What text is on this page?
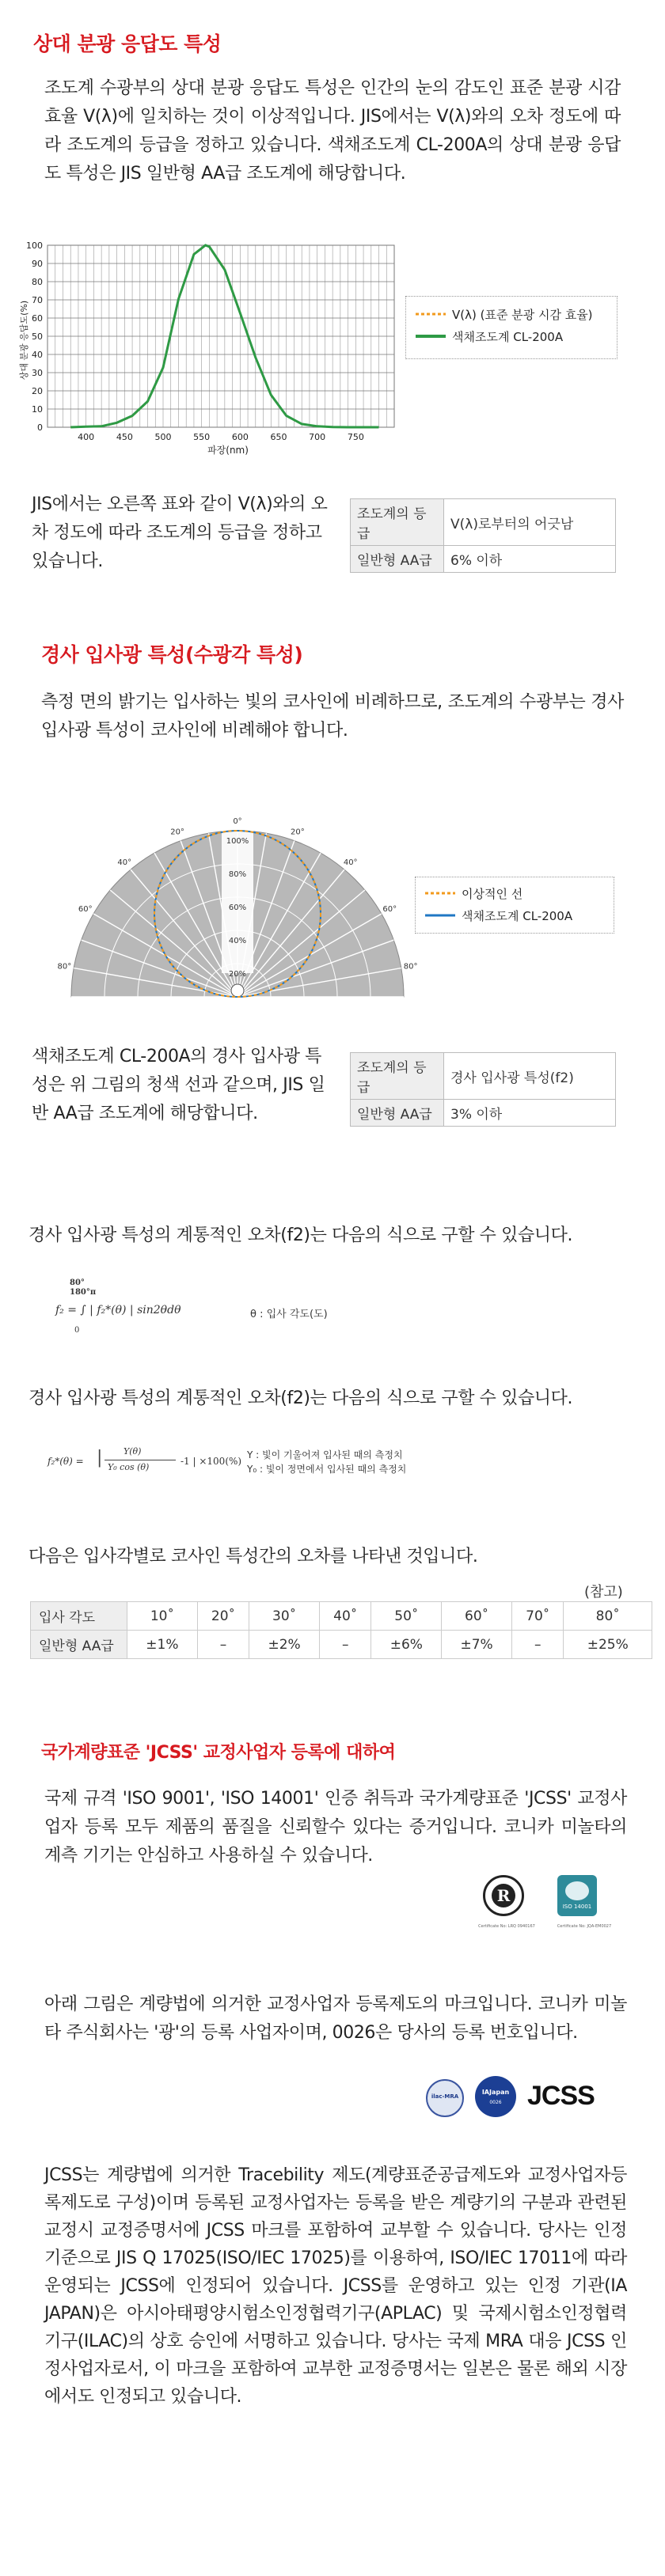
상대 분광 응답도 특성
조도계 수광부의 상대 분광 응답도 특성은 인간의 눈의 감도인 표준 분광 시감 효율 V(λ)에 일치하는 것이 이상적입니다. JIS에서는 V(λ)와의 오차 정도에 따라 조도계의 등급을 정하고 있습니다. 색채조도계 CL-200A의 상대 분광 응답도 특성은 JIS 일반형 AA급 조도계에 해당합니다.
0
10
20
30
40
50
60
70
80
90
100
400	450	500	550	600	650	700	750
파장(nm)
상대 분광 응답도(%)	V(λ) (표준 분광 시감 효율)
색채조도계 CL-200A
JIS에서는 오른쪽 표와 같이 V(λ)와의 오차 정도에 따라 조도계의 등급을 정하고 있습니다.
조도계의 등급	V(λ)로부터의 어긋남
일반형 AA급	6% 이하
경사 입사광 특성(수광각 특성)
측정 면의 밝기는 입사하는 빛의 코사인에 비례하므로, 조도계의 수광부는 경사 입사광 특성이 코사인에 비례해야 합니다.
100%
80%
60%
40%
20%
0°
20°
20°
40°
40°
60°
60°
80°
80°
이상적인 선
색채조도계 CL-200A
색채조도계 CL-200A의 경사 입사광 특성은 위 그림의 청색 선과 같으며, JIS 일반 AA급 조도계에 해당합니다.
조도계의 등급	경사 입사광 특성(f2)
일반형 AA급	3% 이하
경사 입사광 특성의 계통적인 오차(f2)는 다음의 식으로 구할 수 있습니다.
80°
180°π
f₂ = ∫ | f₂*(θ) | sin2θdθ
0
θ : 입사 각도(도)
경사 입사광 특성의 계통적인 오차(f2)는 다음의 식으로 구할 수 있습니다.
f₂*(θ) = | Y(θ)
Y₀ cos (θ)
-1 | ×100(%)
Y : 빛이 기울어져 입사된 때의 측정치
Y₀ : 빛이 정면에서 입사된 때의 측정치
다음은 입사각별로 코사인 특성간의 오차를 나타낸 것입니다.
(참고)
입사 각도	10˚	20˚	30˚	40˚	50˚	60˚	70˚	80˚
일반형 AA급	±1%	–	±2%	–	±6%	±7%	–	±25%
국가계량표준 'JCSS' 교정사업자 등록에 대하여
국제 규격 'ISO 9001', 'ISO 14001' 인증 취득과 국가계량표준 'JCSS' 교정사업자 등록 모두 제품의 품질을 신뢰할수 있다는 증거입니다. 코니카 미놀타의 계측 기기는 안심하고 사용하실 수 있습니다.
R
ISO 14001
Certificate No: LRQ 0940167	Certificate No: JQA-EM0027
아래 그림은 계량법에 의거한 교정사업자 등록제도의 마크입니다. 코니카 미놀타 주식회사는 '광'의 등록 사업자이며, 0026은 당사의 등록 번호입니다.
ilac-MRA
IAJapan
0026 JCSS
JCSS는 계량법에 의거한 Tracebility 제도(계량표준공급제도와 교정사업자등록제도로 구성)이며 등록된 교정사업자는 등록을 받은 계량기의 구분과 관련된 교정시 교정증명서에 JCSS 마크를 포함하여 교부할 수 있습니다. 당사는 인정 기준으로 JIS Q 17025(ISO/IEC 17025)를 이용하여, ISO/IEC 17011에 따라 운영되는 JCSS에 인정되어 있습니다. JCSS를 운영하고 있는 인정 기관(IA JAPAN)은 아시아태평양시험소인정협력기구(APLAC) 및 국제시험소인정협력기구(ILAC)의 상호 승인에 서명하고 있습니다. 당사는 국제 MRA 대응 JCSS 인정사업자로서, 이 마크을 포함하여 교부한 교정증명서는 일본은 물론 해외 시장에서도 인정되고 있습니다.
